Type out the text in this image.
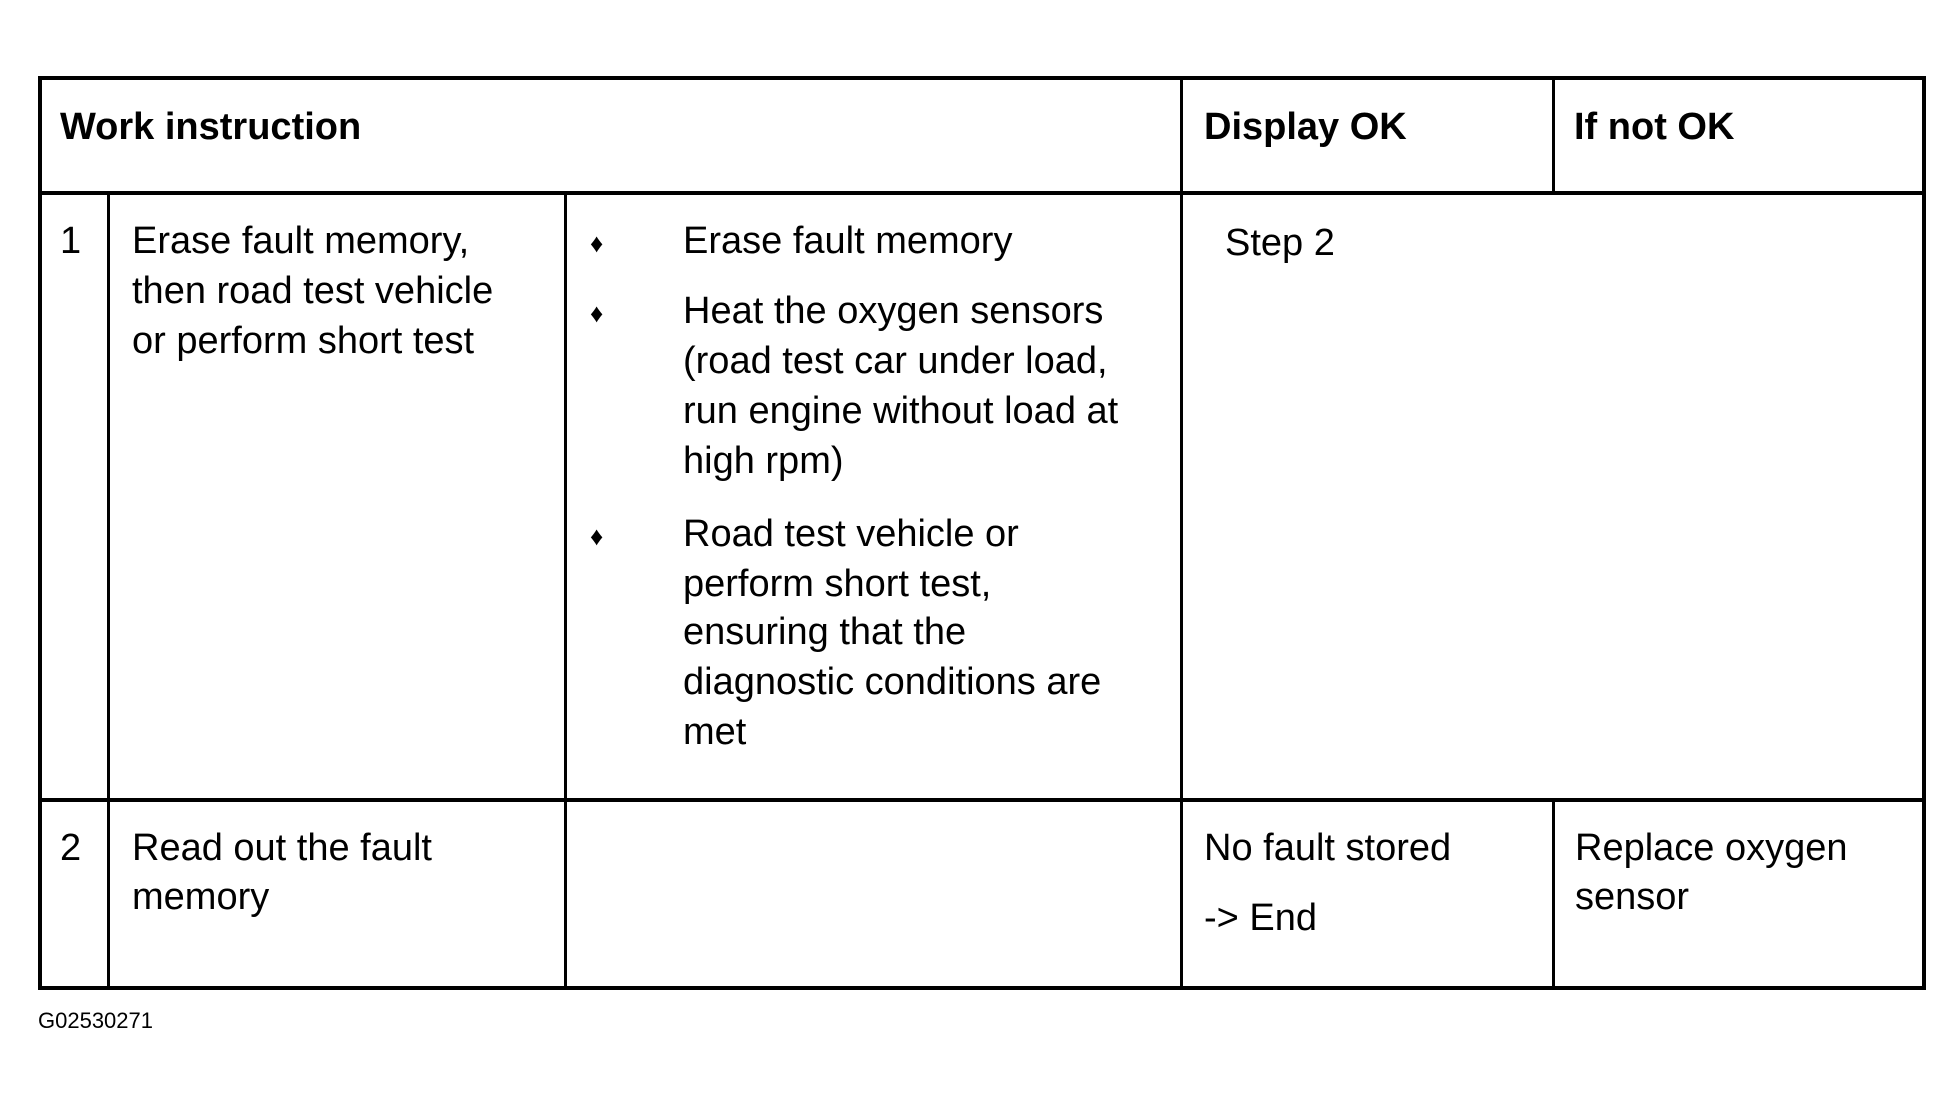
Work instruction	Display OK	If not OK
1 Erase fault memory,
then road test vehicle
or perform short test
♦ Erase fault memory
♦ Heat the oxygen sensors
(road test car under load,
run engine without load at
high rpm)
♦ Road test vehicle or
perform short test,
ensuring that the
diagnostic conditions are
met
Step 2
2 Read out the fault
memory
No fault stored
-> End
Replace oxygen
sensor
G02530271
